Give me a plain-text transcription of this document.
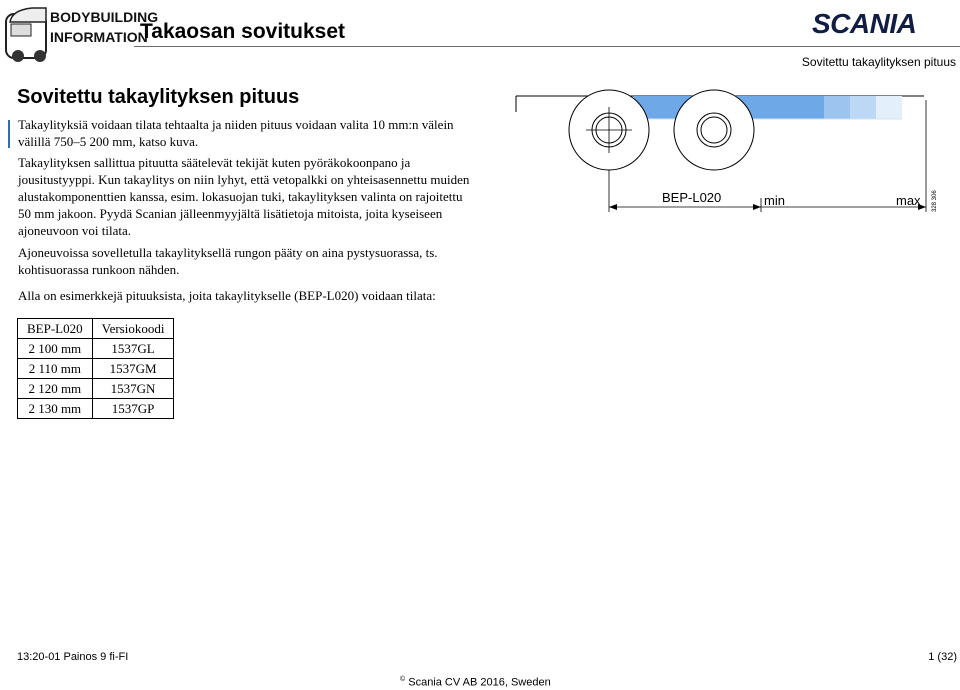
BODYBUILDING
INFORMATION
Takaosan sovitukset	SCANIA
Sovitettu takaylityksen pituus
Sovitettu takaylityksen pituus
Takaylityksiä voidaan tilata tehtaalta ja niiden pituus voidaan valita 10 mm:n välein välillä 750–5 200 mm, katso kuva.
Takaylityksen sallittua pituutta säätelevät tekijät kuten pyöräkokoonpano ja jousitustyyppi. Kun takaylitys on niin lyhyt, että vetopalkki on yhteisasennettu muiden alustakomponenttien kanssa, esim. lokasuojan tuki, takaylityksen valinta on rajoitettu 50 mm jakoon. Pyydä Scanian jälleenmyyjältä lisätietoja mitoista, joita kyseiseen ajoneuvoon voi tilata.
Ajoneuvoissa sovelletulla takaylityksellä rungon pääty on aina pystysuorassa, ts. kohtisuorassa runkoon nähden.
Alla on esimerkkejä pituuksista, joita takaylitykselle (BEP-L020) voidaan tilata:
BEP-L020	min	max 328 306
BEP-L020	Versiokoodi
2 100 mm	1537GL
2 110 mm	1537GM
2 120 mm	1537GN
2 130 mm	1537GP
13:20-01 Painos 9 fi-FI	1 (32)
© Scania CV AB 2016, Sweden
